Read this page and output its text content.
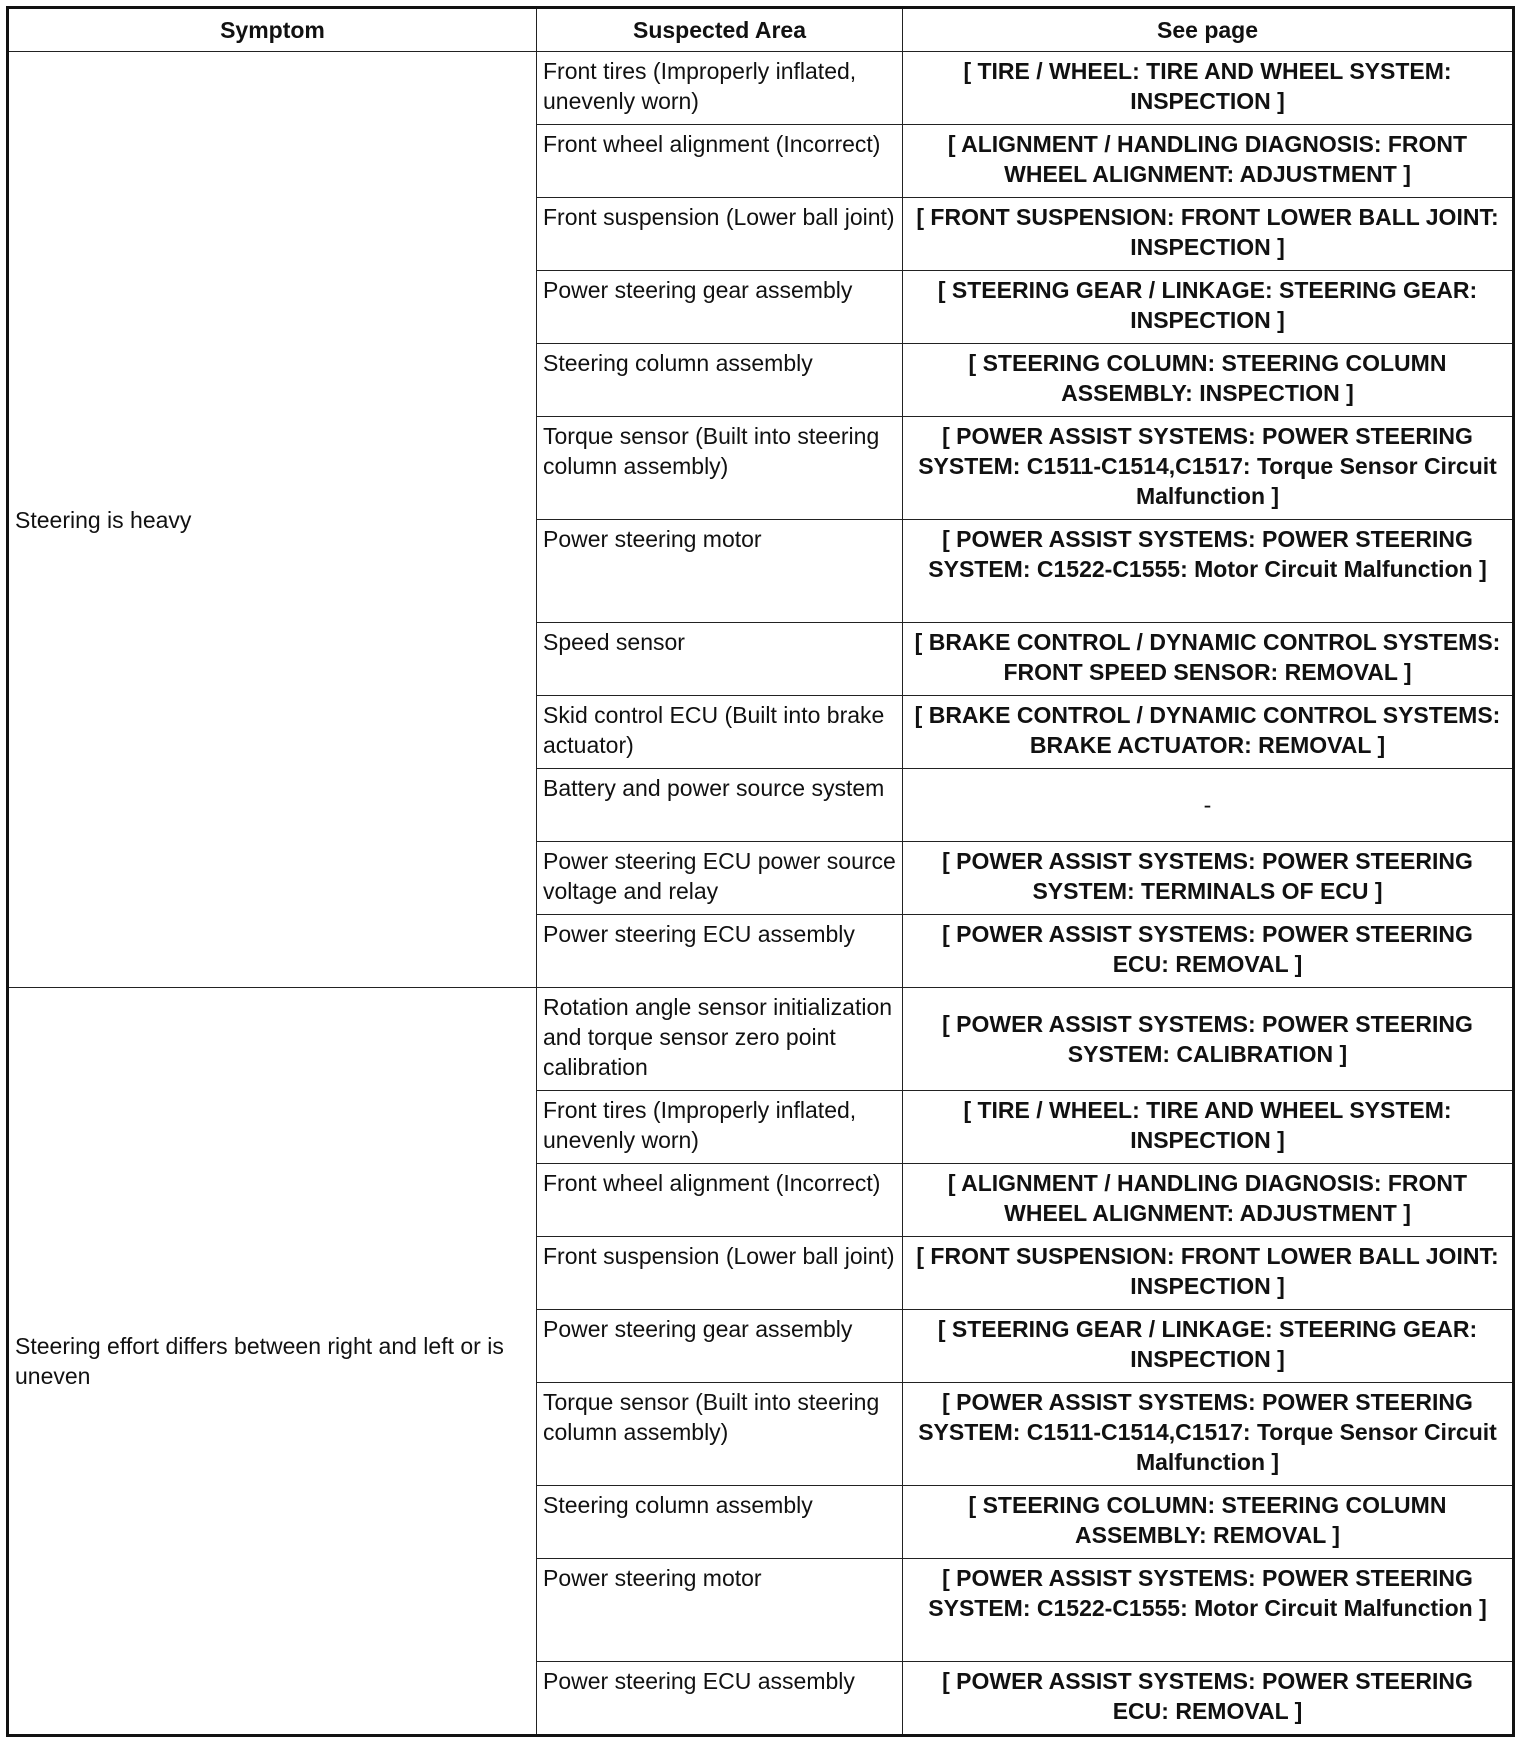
Symptom	Suspected Area	See page
Steering is heavy	Front tires (Improperly inflated, unevenly worn)	[ TIRE / WHEEL: TIRE AND WHEEL SYSTEM: INSPECTION ]
	Front wheel alignment (Incorrect)	[ ALIGNMENT / HANDLING DIAGNOSIS: FRONT WHEEL ALIGNMENT: ADJUSTMENT ]
	Front suspension (Lower ball joint)	[ FRONT SUSPENSION: FRONT LOWER BALL JOINT: INSPECTION ]
	Power steering gear assembly	[ STEERING GEAR / LINKAGE: STEERING GEAR: INSPECTION ]
	Steering column assembly	[ STEERING COLUMN: STEERING COLUMN ASSEMBLY: INSPECTION ]
	Torque sensor (Built into steering column assembly)	[ POWER ASSIST SYSTEMS: POWER STEERING SYSTEM: C1511-C1514,C1517: Torque Sensor Circuit Malfunction ]
	Power steering motor	[ POWER ASSIST SYSTEMS: POWER STEERING SYSTEM: C1522-C1555: Motor Circuit Malfunction ]
	Speed sensor	[ BRAKE CONTROL / DYNAMIC CONTROL SYSTEMS: FRONT SPEED SENSOR: REMOVAL ]
	Skid control ECU (Built into brake actuator)	[ BRAKE CONTROL / DYNAMIC CONTROL SYSTEMS: BRAKE ACTUATOR: REMOVAL ]
	Battery and power source system	-
	Power steering ECU power source voltage and relay	[ POWER ASSIST SYSTEMS: POWER STEERING SYSTEM: TERMINALS OF ECU ]
	Power steering ECU assembly	[ POWER ASSIST SYSTEMS: POWER STEERING ECU: REMOVAL ]
Steering effort differs between right and left or is uneven	Rotation angle sensor initialization and torque sensor zero point calibration	[ POWER ASSIST SYSTEMS: POWER STEERING SYSTEM: CALIBRATION ]
	Front tires (Improperly inflated, unevenly worn)	[ TIRE / WHEEL: TIRE AND WHEEL SYSTEM: INSPECTION ]
	Front wheel alignment (Incorrect)	[ ALIGNMENT / HANDLING DIAGNOSIS: FRONT WHEEL ALIGNMENT: ADJUSTMENT ]
	Front suspension (Lower ball joint)	[ FRONT SUSPENSION: FRONT LOWER BALL JOINT: INSPECTION ]
	Power steering gear assembly	[ STEERING GEAR / LINKAGE: STEERING GEAR: INSPECTION ]
	Torque sensor (Built into steering column assembly)	[ POWER ASSIST SYSTEMS: POWER STEERING SYSTEM: C1511-C1514,C1517: Torque Sensor Circuit Malfunction ]
	Steering column assembly	[ STEERING COLUMN: STEERING COLUMN ASSEMBLY: REMOVAL ]
	Power steering motor	[ POWER ASSIST SYSTEMS: POWER STEERING SYSTEM: C1522-C1555: Motor Circuit Malfunction ]
	Power steering ECU assembly	[ POWER ASSIST SYSTEMS: POWER STEERING ECU: REMOVAL ]
